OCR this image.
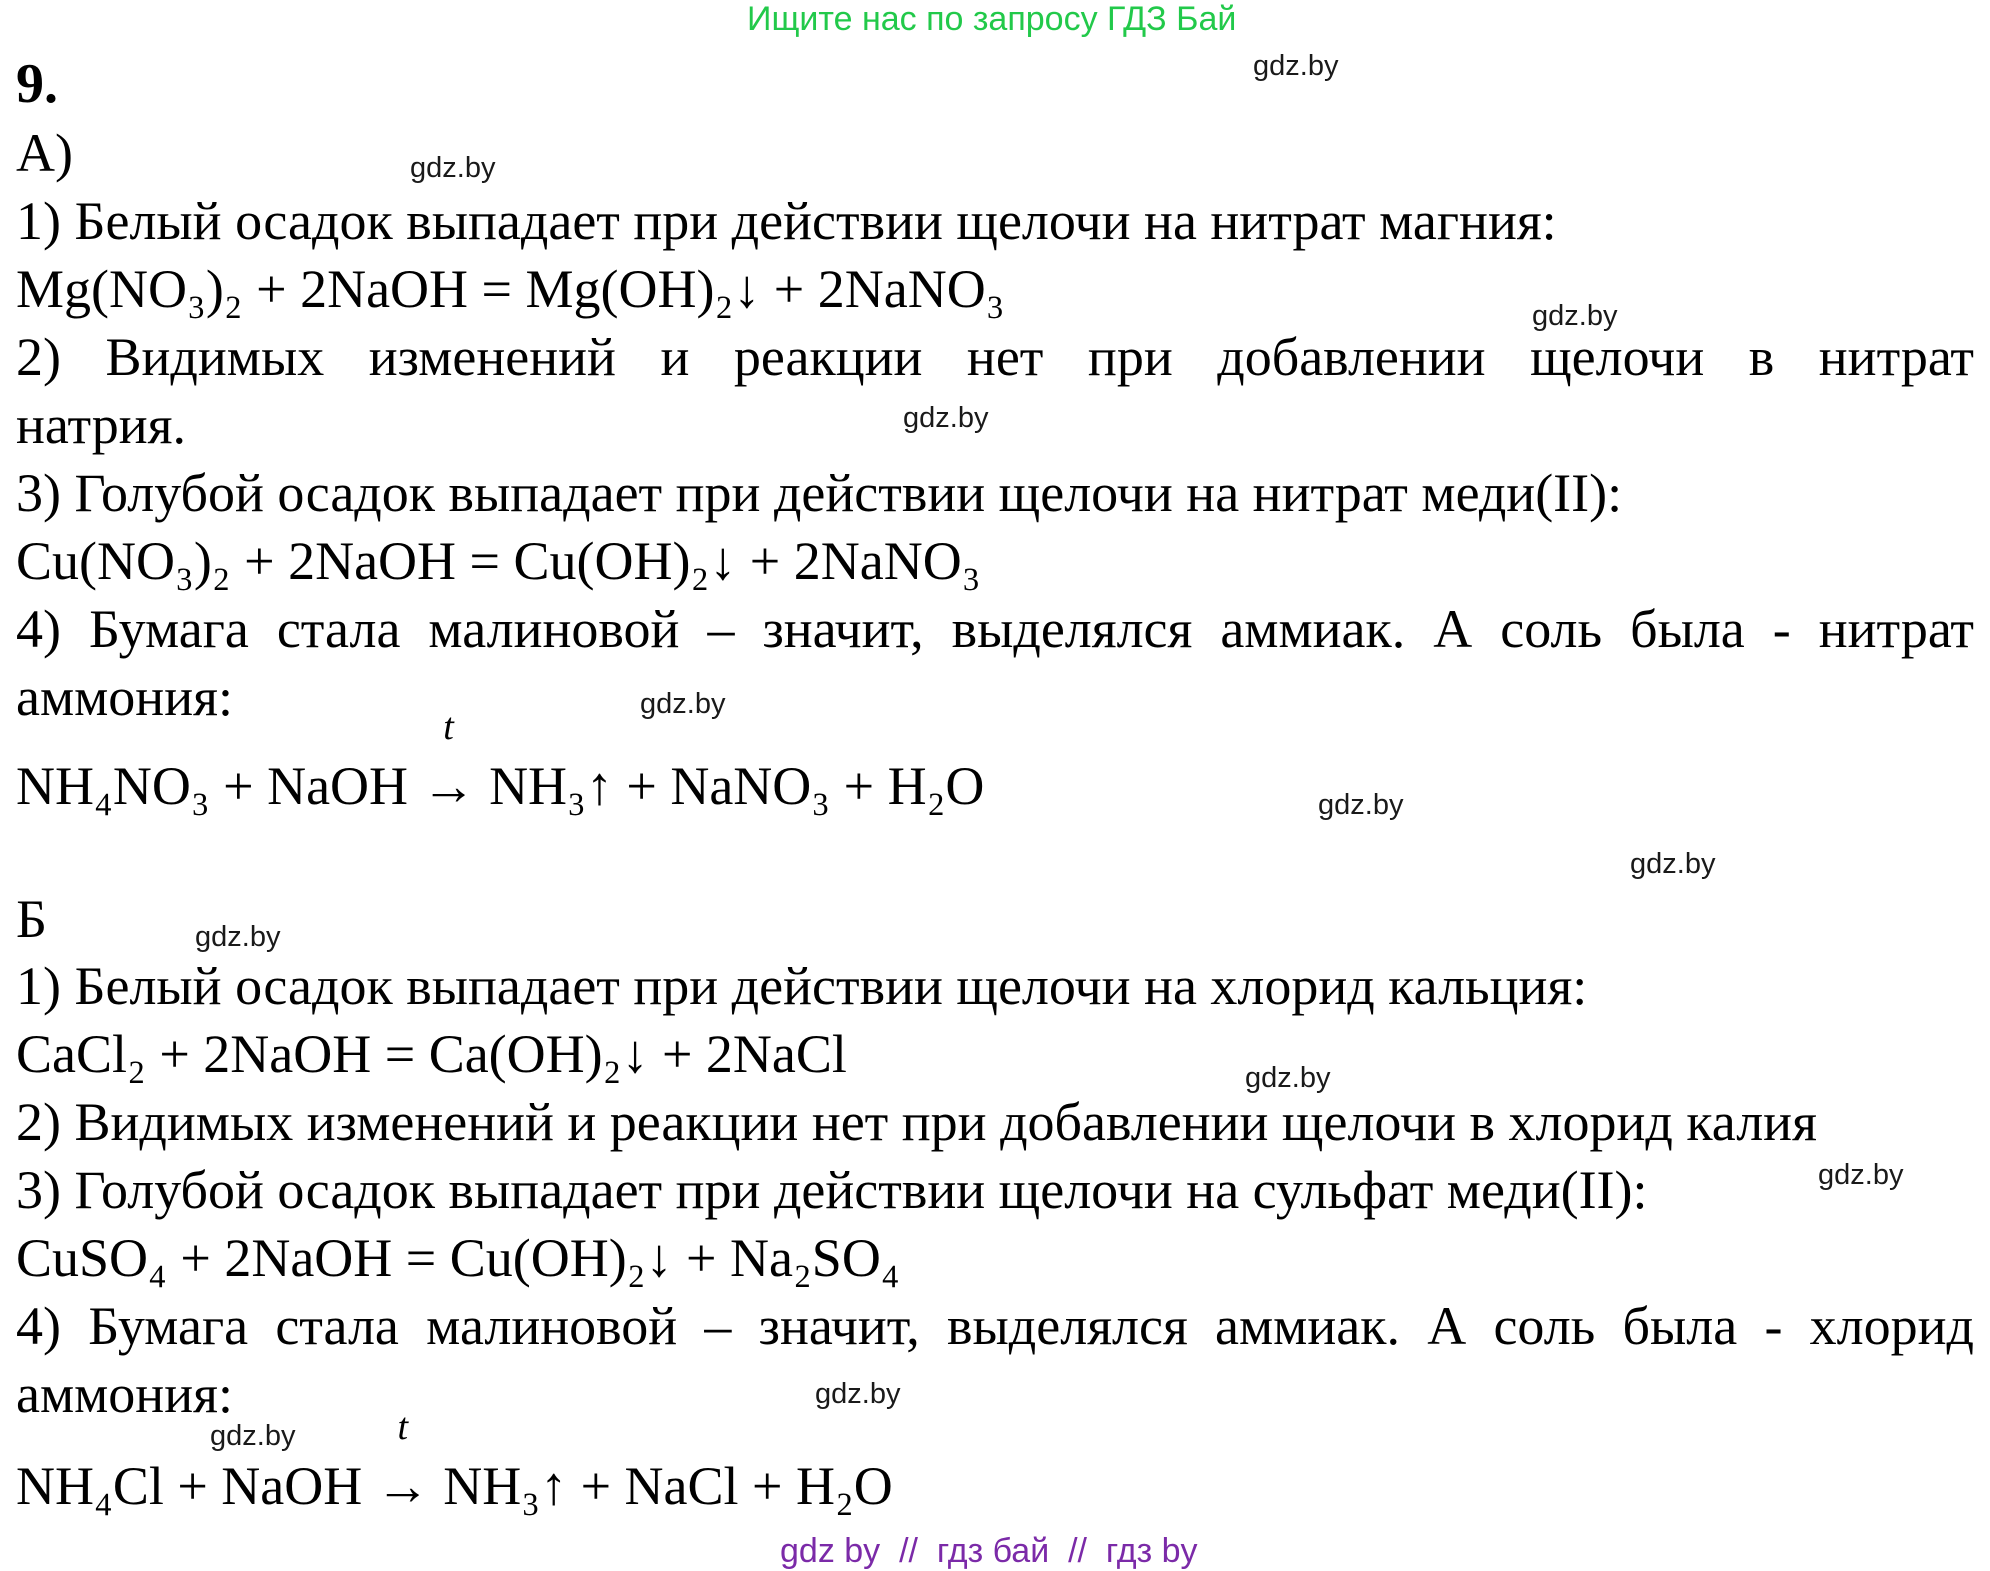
Ищите нас по запросу ГДЗ Бай
gdz.by
gdz.by
gdz.by
gdz.by
gdz.by
gdz.by
gdz.by
gdz.by
gdz.by
gdz.by
gdz.by
gdz.by
9.
А)
1) Белый осадок выпадает при действии щелочи на нитрат магния:
Mg(NO₃)₂ + 2NaOH = Mg(OH)₂↓ + 2NaNO₃
2) Видимых изменений и реакции нет при добавлении щелочи в нитрат
натрия.
3) Голубой осадок выпадает при действии щелочи на нитрат меди(II):
Cu(NO₃)₂ + 2NaOH = Cu(OH)₂↓ + 2NaNO₃
4) Бумага стала малиновой – значит, выделялся аммиак. А соль была - нитрат
аммония:
NH₄NO₃ + NaOH
t
→ NH₃↑ + NaNO₃ + H₂O
Б
1) Белый осадок выпадает при действии щелочи на хлорид кальция:
CaCl₂ + 2NaOH = Ca(OH)₂↓ + 2NaCl
2) Видимых изменений и реакции нет при добавлении щелочи в хлорид калия
3) Голубой осадок выпадает при действии щелочи на сульфат меди(II):
CuSO₄ + 2NaOH = Cu(OH)₂↓ + Na₂SO₄
4) Бумага стала малиновой – значит, выделялся аммиак. А соль была - хлорид
аммония:
NH₄Cl + NaOH
t
→ NH₃↑ + NaCl + H₂O
gdz by  //  гдз бай  //  гдз by
